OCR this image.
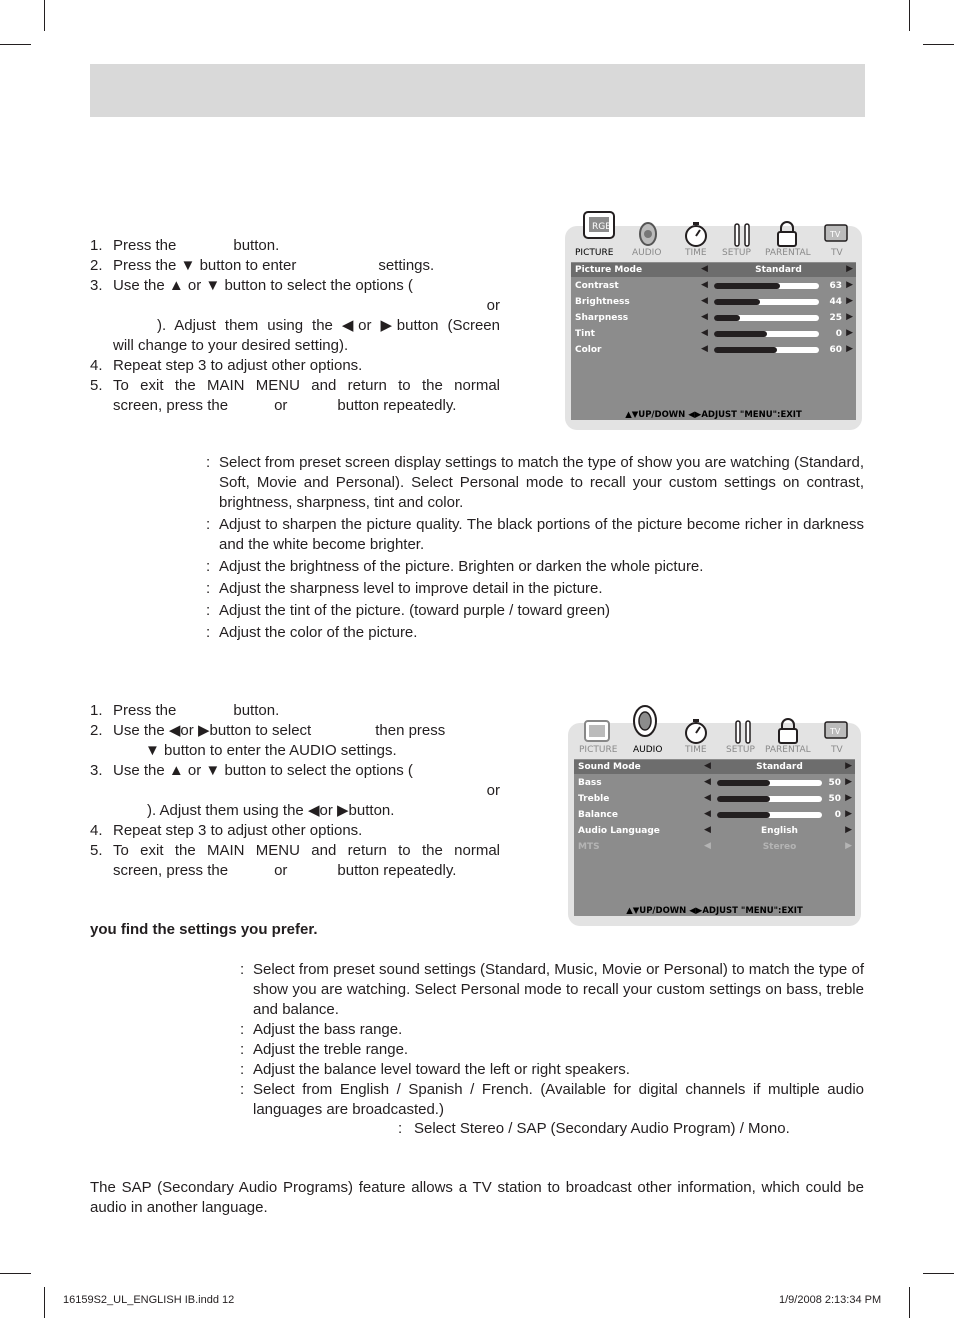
1. Press the	button.
2. Press the ▼ button to enter	settings.
3. Use the ▲ or ▼ button to select the options (
or
). Adjust them using the ◀or ▶button (Screen
will change to your desired setting).
4. Repeat step 3 to adjust other options.
5. To exit the MAIN MENU and return to the normal
screen, press the	or	button repeatedly.
RGB
TV
PICTURE AUDIO	TIME SETUP PARENTAL TV
Picture Mode	◀	Standard	▶
Contrast	◀	63 ▶
Brightness	◀	44 ▶
Sharpness	◀	25 ▶
Tint	◀	0 ▶
Color	◀	60 ▶
▲▼UP/DOWN ◀▶ADJUST "MENU":EXIT
: Select from preset screen display settings to match the type of show you are watching (Standard, Soft, Movie and Personal). Select Personal mode to recall your custom settings on contrast, brightness, sharpness, tint and color.
: Adjust to sharpen the picture quality. The black portions of the picture become richer in darkness and the white become brighter.
: Adjust the brightness of the picture. Brighten or darken the whole picture.
: Adjust the sharpness level to improve detail in the picture.
: Adjust the tint of the picture. (toward purple / toward green)
: Adjust the color of the picture.
1. Press the	button.
2. Use the ◀or ▶button to select	then press
▼ button to enter the AUDIO settings.
3. Use the ▲ or ▼ button to select the options (
or
). Adjust them using the ◀or ▶button.
4. Repeat step 3 to adjust other options.
5. To exit the MAIN MENU and return to the normal
screen, press the	or	button repeatedly.
TV
PICTURE AUDIO	TIME SETUP PARENTAL TV
Sound Mode	◀	Standard	▶
Bass	◀	50 ▶
Treble	◀	50 ▶
Balance	◀	0 ▶
Audio Language	◀	English	▶
MTS	◀	Stereo	▶
▲▼UP/DOWN ◀▶ADJUST "MENU":EXIT
you find the settings you prefer.
: Select from preset sound settings (Standard, Music, Movie or Personal) to match the type of show you are watching. Select Personal mode to recall your custom settings on bass, treble and balance.
: Adjust the bass range.
: Adjust the treble range.
: Adjust the balance level toward the left or right speakers.
: Select from English / Spanish / French. (Available for digital channels if multiple audio languages are broadcasted.)
: Select Stereo / SAP (Secondary Audio Program) / Mono.
The SAP (Secondary Audio Programs) feature allows a TV station to broadcast other information, which could be audio in another language.
16159S2_UL_ENGLISH IB.indd 12	1/9/2008 2:13:34 PM
